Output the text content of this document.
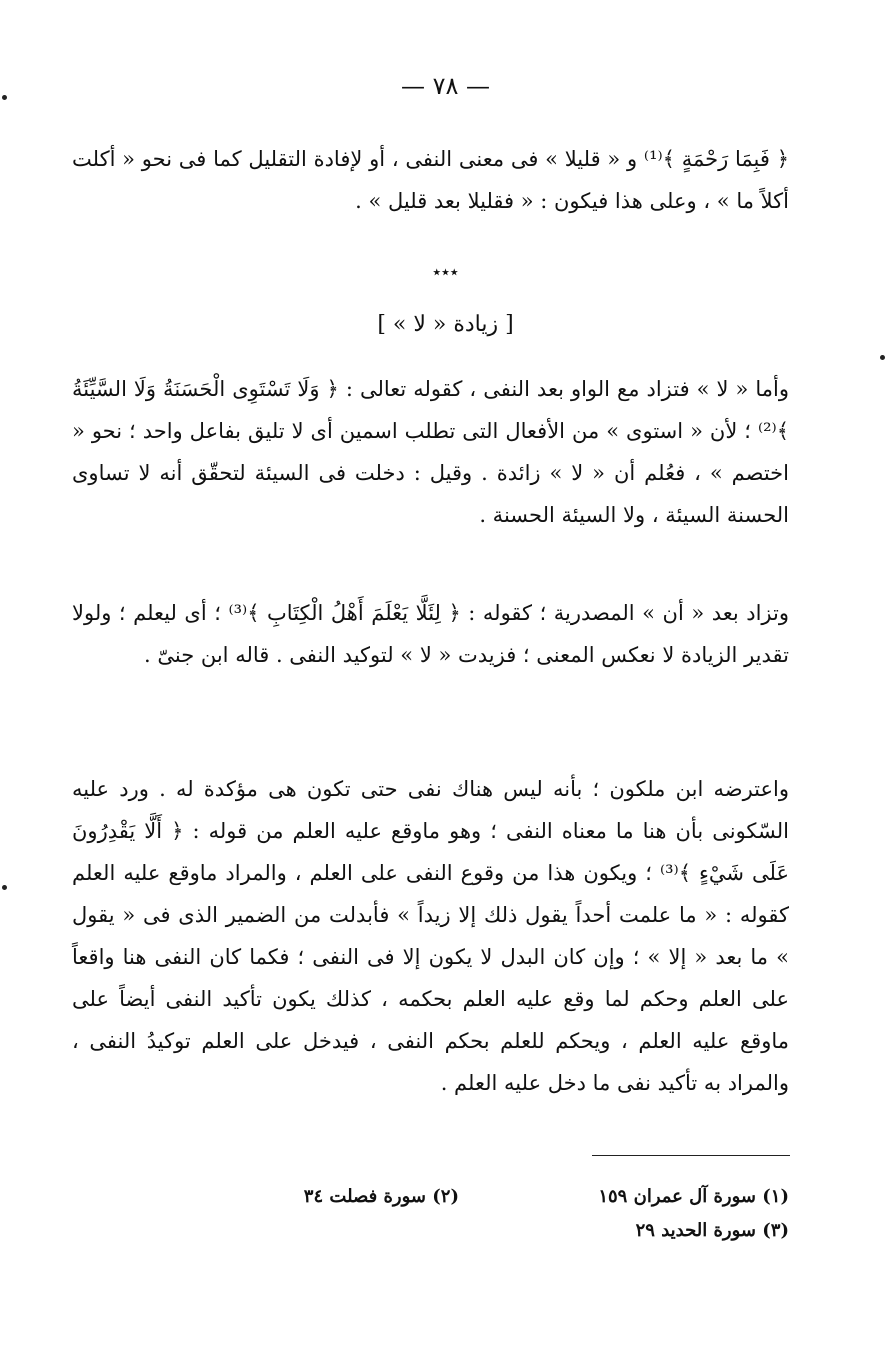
— ٧٨ —
﴿ فَبِمَا رَحْمَةٍ ﴾⁽¹⁾ و « قليلا » فى معنى النفى ، أو لإفادة التقليل كما فى نحو « أكلت أكلاً ما » ، وعلى هذا فيكون : « فقليلا بعد قليل » .
٭٭٭
[ زيادة « لا » ]
وأما « لا » فتزاد مع الواو بعد النفى ، كقوله تعالى : ﴿ وَلَا تَسْتَوِى الْحَسَنَةُ وَلَا السَّيِّئَةُ ﴾⁽²⁾ ؛ لأن « استوى » من الأفعال التى تطلب اسمين أى لا تليق بفاعل واحد ؛ نحو « اختصم » ، فعُلم أن « لا » زائدة . وقيل : دخلت فى السيئة لتحقّق أنه لا تساوى الحسنة السيئة ، ولا السيئة الحسنة .
وتزاد بعد « أن » المصدرية ؛ كقوله : ﴿ لِئَلَّا يَعْلَمَ أَهْلُ الْكِتَابِ ﴾⁽³⁾ ؛ أى ليعلم ؛ ولولا تقدير الزيادة لا نعكس المعنى ؛ فزيدت « لا » لتوكيد النفى . قاله ابن جنىّ .
واعترضه ابن ملكون ؛ بأنه ليس هناك نفى حتى تكون هى مؤكدة له . ورد عليه السّكونى بأن هنا ما معناه النفى ؛ وهو ماوقع عليه العلم من قوله : ﴿ أَلَّا يَقْدِرُونَ عَلَى شَيْءٍ ﴾⁽³⁾ ؛ ويكون هذا من وقوع النفى على العلم ، والمراد ماوقع عليه العلم كقوله : « ما علمت أحداً يقول ذلك إلا زيداً » فأبدلت من الضمير الذى فى « يقول » ما بعد « إلا » ؛ وإن كان البدل لا يكون إلا فى النفى ؛ فكما كان النفى هنا واقعاً على العلم وحكم لما وقع عليه العلم بحكمه ، كذلك يكون تأكيد النفى أيضاً على ماوقع عليه العلم ، ويحكم للعلم بحكم النفى ، فيدخل على العلم توكيدُ النفى ، والمراد به تأكيد نفى ما دخل عليه العلم .
(١) سورة آل عمران ١٥٩
(٢) سورة فصلت ٣٤
(٣) سورة الحديد ٢٩
